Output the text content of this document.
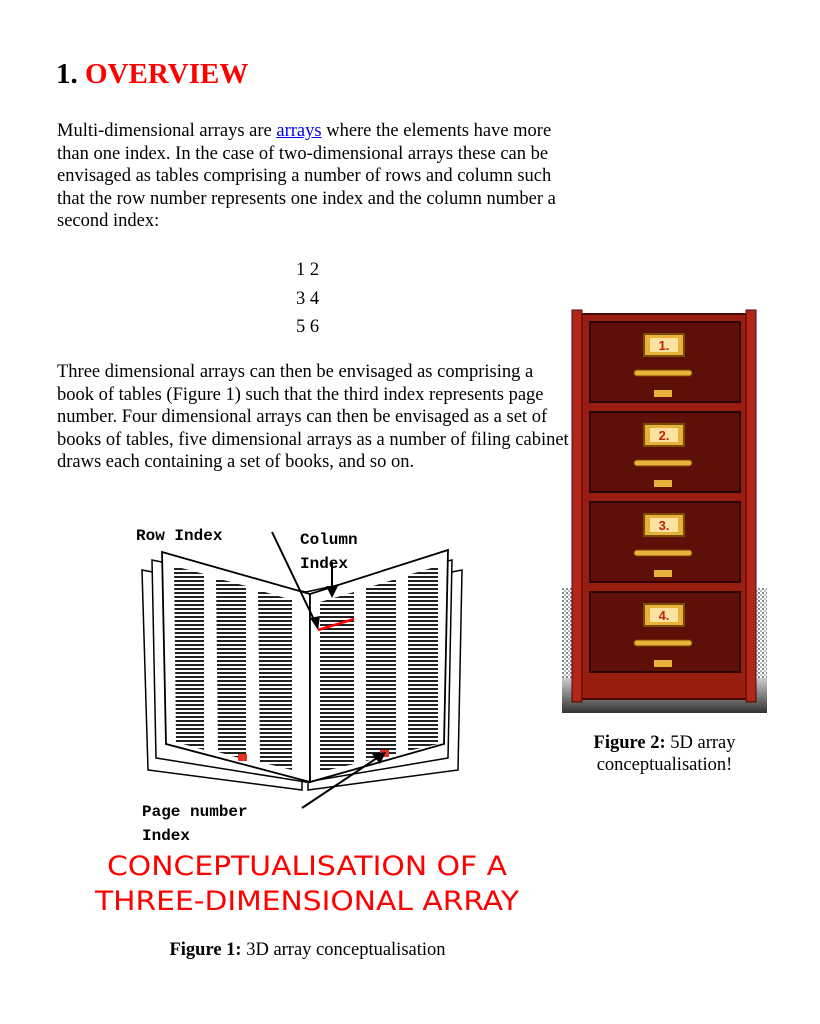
1. OVERVIEW

Multi-dimensional arrays are arrays where the elements have more than one index. In the case of two-dimensional arrays these can be envisaged as tables comprising a number of rows and column such that the row number represents one index and the column number a second index:

1 2
3 4
5 6

Three dimensional arrays can then be envisaged as comprising a book of tables (Figure 1) such that the third index represents page number. Four dimensional arrays can then be envisaged as a set of books of tables, five dimensional arrays as a number of filing cabinet draws each containing a set of books, and so on.

Row Index	Column
Index
Page number
Index
CONCEPTUALISATION OF A
THREE-DIMENSIONAL ARRAY

Figure 1: 3D array conceptualisation

1.
2.
3.
4.

Figure 2: 5D array conceptualisation!
